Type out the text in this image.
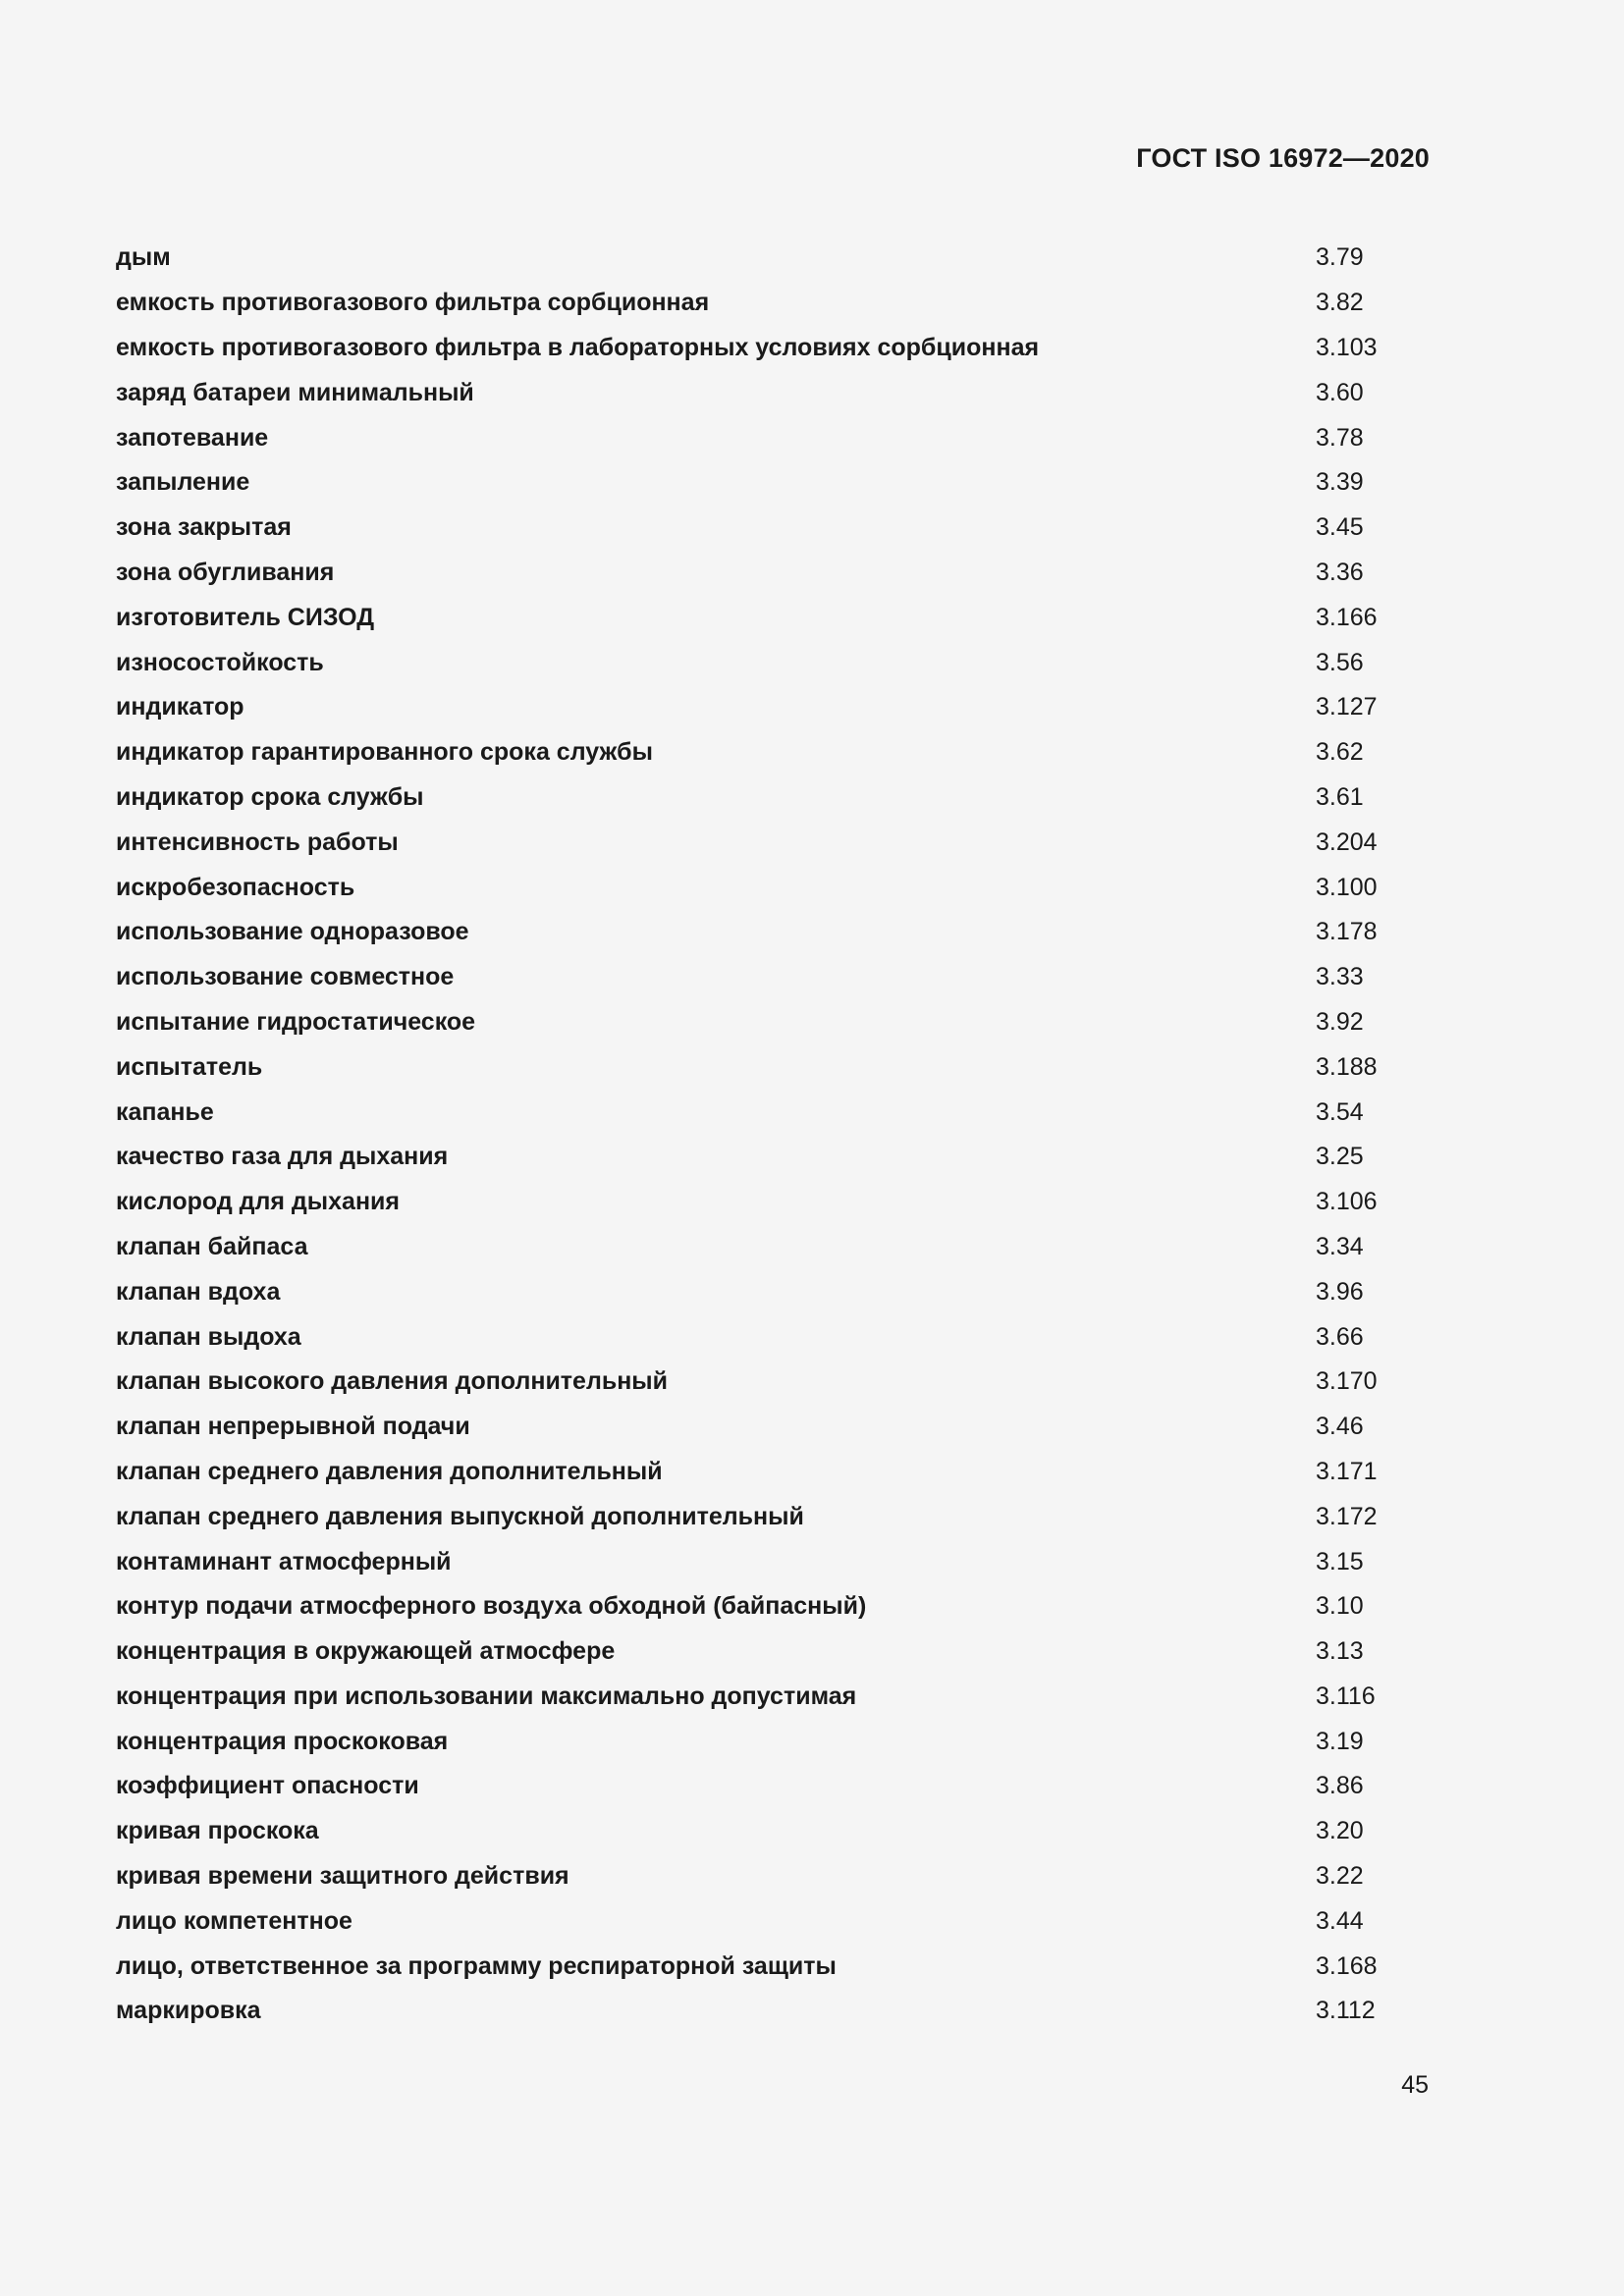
ГОСТ ISO 16972—2020
дым	3.79
емкость противогазового фильтра сорбционная	3.82
емкость противогазового фильтра в лабораторных условиях сорбционная	3.103
заряд батареи минимальный	3.60
запотевание	3.78
запыление	3.39
зона закрытая	3.45
зона обугливания	3.36
изготовитель СИЗОД	3.166
износостойкость	3.56
индикатор	3.127
индикатор гарантированного срока службы	3.62
индикатор срока службы	3.61
интенсивность работы	3.204
искробезопасность	3.100
использование одноразовое	3.178
использование совместное	3.33
испытание гидростатическое	3.92
испытатель	3.188
капанье	3.54
качество газа для дыхания	3.25
кислород для дыхания	3.106
клапан байпаса	3.34
клапан вдоха	3.96
клапан выдоха	3.66
клапан высокого давления дополнительный	3.170
клапан непрерывной подачи	3.46
клапан среднего давления дополнительный	3.171
клапан среднего давления выпускной дополнительный	3.172
контаминант атмосферный	3.15
контур подачи атмосферного воздуха обходной (байпасный)	3.10
концентрация в окружающей атмосфере	3.13
концентрация при использовании максимально допустимая	3.116
концентрация проскоковая	3.19
коэффициент опасности	3.86
кривая проскока	3.20
кривая времени защитного действия	3.22
лицо компетентное	3.44
лицо, ответственное за программу респираторной защиты	3.168
маркировка	3.112
45
